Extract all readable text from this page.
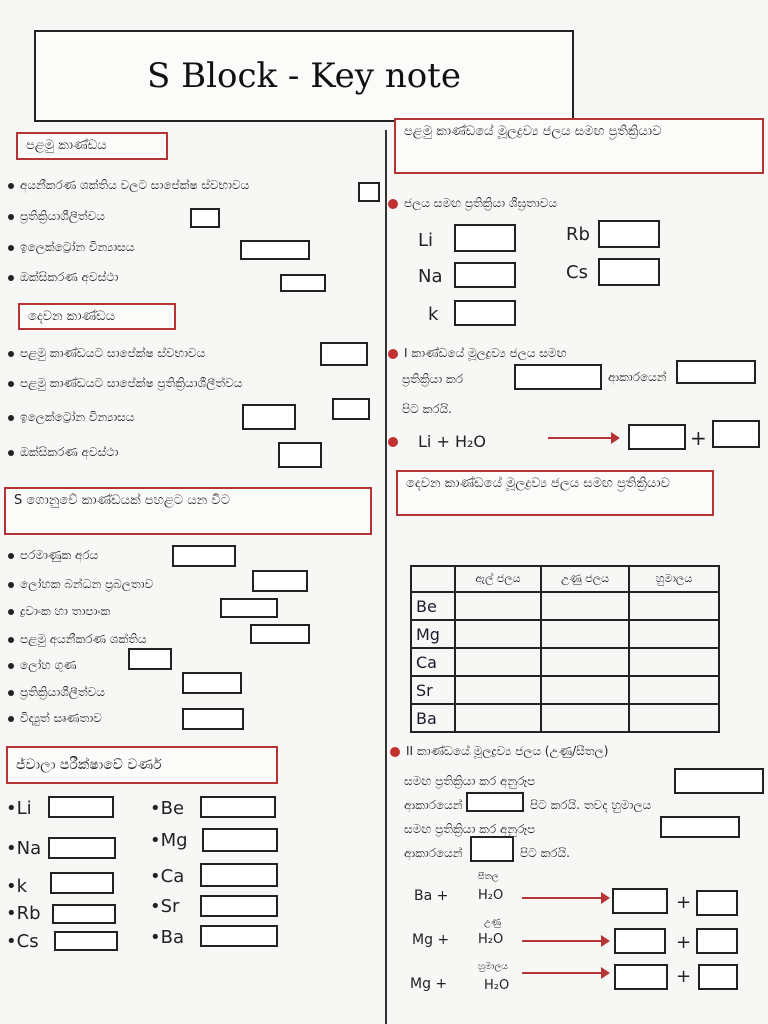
S Block - Key note
පළමු කාණ්ඩය
අයනීකරණ ශක්තිය වලට සාපේක්ෂ ස්වභාවය
ප්‍රතික්‍රියාශීලීත්වය
ඉලෙක්ට්‍රෝන වින්‍යාසය
ඔක්සිකරණ අවස්ථා
දෙවන කාණ්ඩය
පළමු කාණ්ඩයට සාපේක්ෂ ස්වභාවය
පළමු කාණ්ඩයට සාපේක්ෂ ප්‍රතික්‍රියාශීලීත්වය
ඉලෙක්ට්‍රෝන වින්‍යාසය
ඔක්සිකරණ අවස්ථා
S ගොනුවේ කාණ්ඩයක් පහළට යන විට
පරමාණුක අරය
ලෝහක බන්ධන ප්‍රබලතාව
ද්‍රවාංක හා තාපාංක
පළමු අයනීකරණ ශක්තිය
ලෝහ ගුණ
ප්‍රතික්‍රියාශීලීත්වය
විද්‍යුත් සෘණතාව
ජ්වාලා පරීක්ෂාවේ වර්ණ
•Li
•Na
•k
•Rb
•Cs
•Be
•Mg
•Ca
•Sr
•Ba
පළමු කාණ්ඩයේ මූලද්‍රව්‍ය ජලය සමඟ ප්‍රතික්‍රියාව
ජලය සමඟ ප්‍රතික්‍රියා ශීඝ්‍රතාවය
Li	Rb
Na	Cs
k
I කාණ්ඩයේ මූලද්‍රව්‍ය ජලය සමඟ
ප්‍රතික්‍රියා කර	ආකාරයෙන්
පිට කරයි.
Li + H₂O	+
දෙවන කාණ්ඩයේ මූලද්‍රව්‍ය ජලය සමඟ ප්‍රතික්‍රියාව
	ඇල් ජලය	උණු ජලය	හුමාලය
Be			
Mg			
Ca			
Sr			
Ba			
II කාණ්ඩයේ මූලද්‍රව්‍ය ජලය (උණු/සීතල)
සමඟ ප්‍රතික්‍රියා කර අනුරූප
ආකාරයෙන්	පිට කරයි. තවද හුමාලය
සමඟ ප්‍රතික්‍රියා කර අනුරූප
ආකාරයෙන්	පිට කරයි.
Ba +
සීතල
H₂O	+
Mg +
උණු
H₂O	+
Mg +
හුමාලය
H₂O	+
